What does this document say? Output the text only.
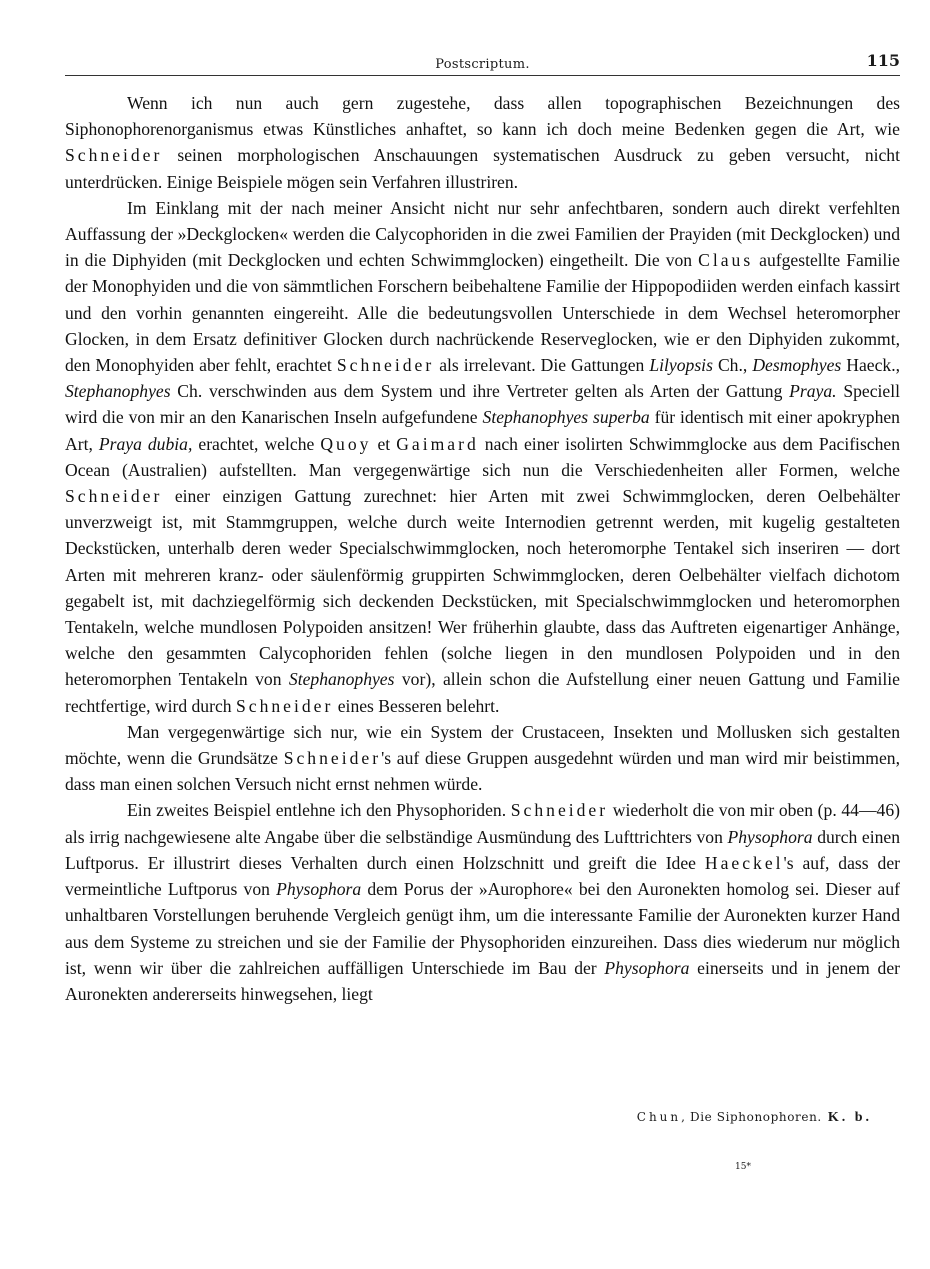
Postscriptum.	115

Wenn ich nun auch gern zugestehe, dass allen topographischen Bezeichnungen des Siphonophorenorganismus etwas Künstliches anhaftet, so kann ich doch meine Bedenken gegen die Art, wie Schneider seinen morphologischen Anschauungen systematischen Ausdruck zu geben versucht, nicht unterdrücken. Einige Beispiele mögen sein Verfahren illustriren.

Im Einklang mit der nach meiner Ansicht nicht nur sehr anfechtbaren, sondern auch direkt verfehlten Auffassung der »Deckglocken« werden die Calycophoriden in die zwei Familien der Prayiden (mit Deckglocken) und in die Diphyiden (mit Deckglocken und echten Schwimmglocken) eingetheilt. Die von Claus aufgestellte Familie der Monophyiden und die von sämmtlichen Forschern beibehaltene Familie der Hippopodiiden werden einfach kassirt und den vorhin genannten eingereiht. Alle die bedeutungsvollen Unterschiede in dem Wechsel heteromorpher Glocken, in dem Ersatz definitiver Glocken durch nachrückende Reserveglocken, wie er den Diphyiden zukommt, den Monophyiden aber fehlt, erachtet Schneider als irrelevant. Die Gattungen Lilyopsis Ch., Desmophyes Haeck., Stephanophyes Ch. verschwinden aus dem System und ihre Vertreter gelten als Arten der Gattung Praya. Speciell wird die von mir an den Kanarischen Inseln aufgefundene Stephanophyes superba für identisch mit einer apokryphen Art, Praya dubia, erachtet, welche Quoy et Gaimard nach einer isolirten Schwimmglocke aus dem Pacifischen Ocean (Australien) aufstellten. Man vergegenwärtige sich nun die Verschiedenheiten aller Formen, welche Schneider einer einzigen Gattung zurechnet: hier Arten mit zwei Schwimmglocken, deren Oelbehälter unverzweigt ist, mit Stammgruppen, welche durch weite Internodien getrennt werden, mit kugelig gestalteten Deckstücken, unterhalb deren weder Specialschwimmglocken, noch heteromorphe Tentakel sich inseriren — dort Arten mit mehreren kranz- oder säulenförmig gruppirten Schwimmglocken, deren Oelbehälter vielfach dichotom gegabelt ist, mit dachziegelförmig sich deckenden Deckstücken, mit Specialschwimmglocken und heteromorphen Tentakeln, welche mundlosen Polypoiden ansitzen! Wer früherhin glaubte, dass das Auftreten eigenartiger Anhänge, welche den gesammten Calycophoriden fehlen (solche liegen in den mundlosen Polypoiden und in den heteromorphen Tentakeln von Stephanophyes vor), allein schon die Aufstellung einer neuen Gattung und Familie rechtfertige, wird durch Schneider eines Besseren belehrt.

Man vergegenwärtige sich nur, wie ein System der Crustaceen, Insekten und Mollusken sich gestalten möchte, wenn die Grundsätze Schneider's auf diese Gruppen ausgedehnt würden und man wird mir beistimmen, dass man einen solchen Versuch nicht ernst nehmen würde.

Ein zweites Beispiel entlehne ich den Physophoriden. Schneider wiederholt die von mir oben (p. 44—46) als irrig nachgewiesene alte Angabe über die selbständige Ausmündung des Lufttrichters von Physophora durch einen Luftporus. Er illustrirt dieses Verhalten durch einen Holzschnitt und greift die Idee Haeckel's auf, dass der vermeintliche Luftporus von Physophora dem Porus der »Aurophore« bei den Auronekten homolog sei. Dieser auf unhaltbaren Vorstellungen beruhende Vergleich genügt ihm, um die interessante Familie der Auronekten kurzer Hand aus dem Systeme zu streichen und sie der Familie der Physophoriden einzureihen. Dass dies wiederum nur möglich ist, wenn wir über die zahlreichen auffälligen Unterschiede im Bau der Physophora einerseits und in jenem der Auronekten andererseits hinwegsehen, liegt

Chun, Die Siphonophoren. K. b.
15*
